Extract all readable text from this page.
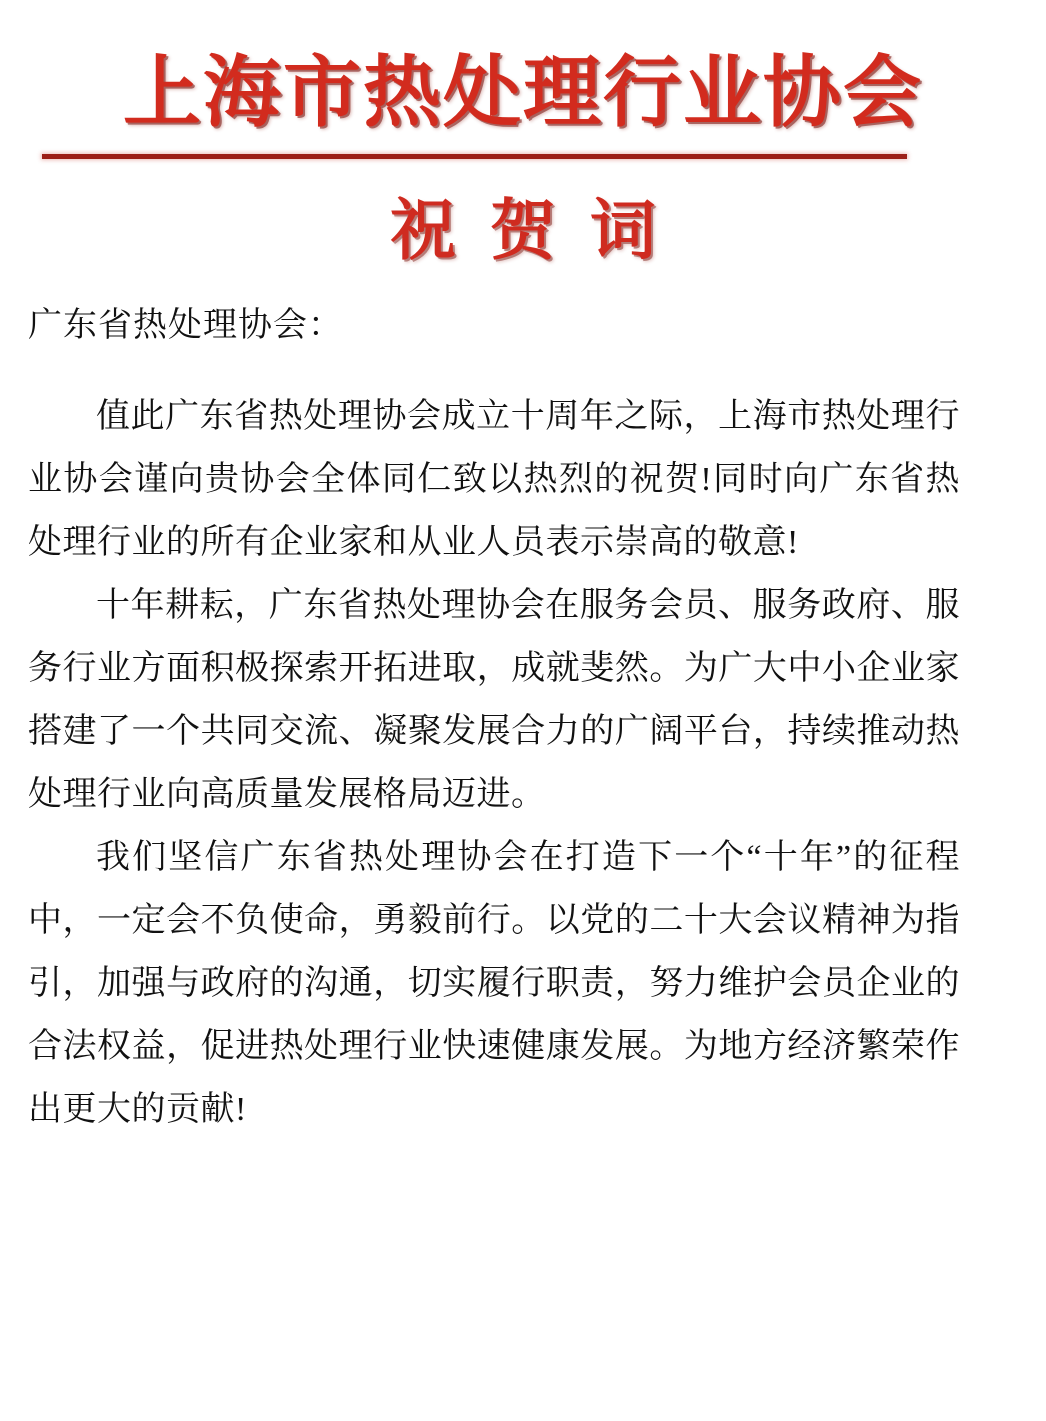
上海市热处理行业协会
祝贺词

广东省热处理协会：

值此广东省热处理协会成立十周年之际，上海市热处理行业协会谨向贵协会全体同仁致以热烈的祝贺!同时向广东省热处理行业的所有企业家和从业人员表示崇高的敬意!

十年耕耘，广东省热处理协会在服务会员、服务政府、服务行业方面积极探索开拓进取，成就斐然。为广大中小企业家搭建了一个共同交流、凝聚发展合力的广阔平台，持续推动热处理行业向高质量发展格局迈进。

我们坚信广东省热处理协会在打造下一个“十年”的征程中，一定会不负使命，勇毅前行。以党的二十大会议精神为指引，加强与政府的沟通，切实履行职责，努力维护会员企业的合法权益，促进热处理行业快速健康发展。为地方经济繁荣作出更大的贡献!
